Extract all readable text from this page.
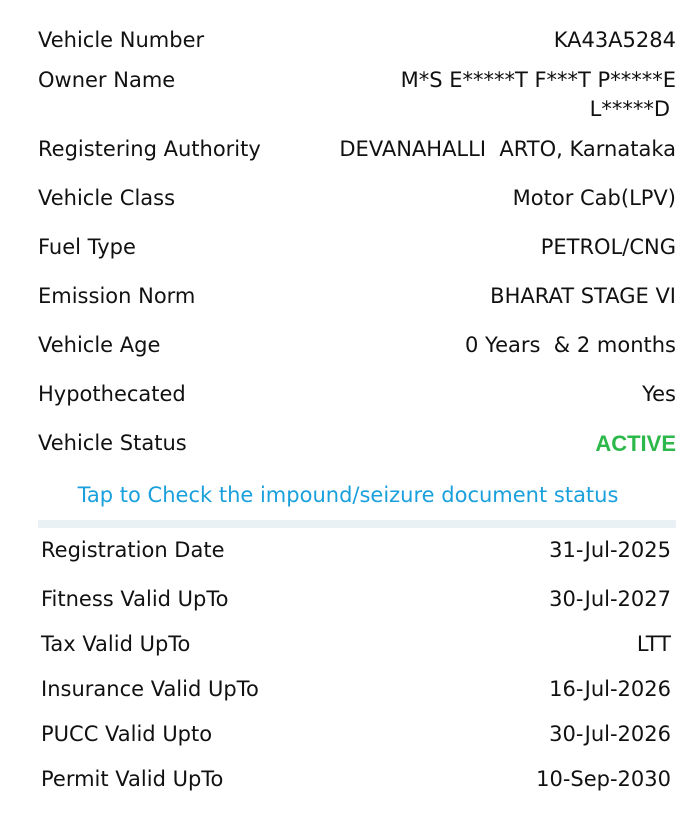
Vehicle Number	KA43A5284
Owner Name	M*S E*****T F***T P*****E
L*****D
Registering Authority	DEVANAHALLI  ARTO, Karnataka
Vehicle Class	Motor Cab(LPV)
Fuel Type	PETROL/CNG
Emission Norm	BHARAT STAGE VI
Vehicle Age	0 Years  & 2 months
Hypothecated	Yes
Vehicle Status	ACTIVE
Tap to Check the impound/seizure document status
Registration Date	31-Jul-2025
Fitness Valid UpTo	30-Jul-2027
Tax Valid UpTo	LTT
Insurance Valid UpTo	16-Jul-2026
PUCC Valid Upto	30-Jul-2026
Permit Valid UpTo	10-Sep-2030
